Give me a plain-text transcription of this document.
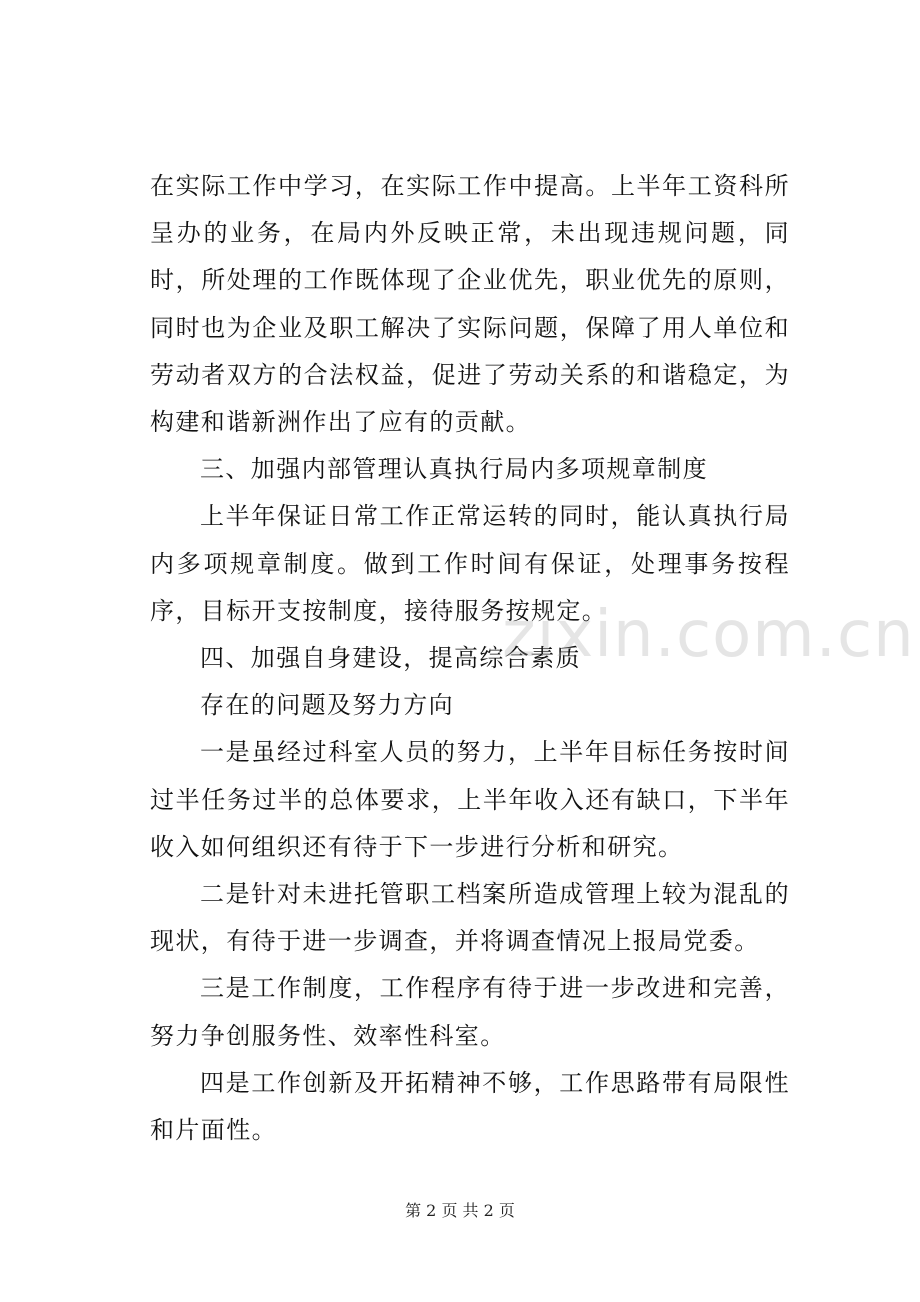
在实际工作中学习，在实际工作中提高。上半年工资科所呈办的业务，在局内外反映正常，未出现违规问题，同时，所处理的工作既体现了企业优先，职业优先的原则，同时也为企业及职工解决了实际问题，保障了用人单位和劳动者双方的合法权益，促进了劳动关系的和谐稳定，为构建和谐新洲作出了应有的贡献。

三、加强内部管理认真执行局内多项规章制度

上半年保证日常工作正常运转的同时，能认真执行局内多项规章制度。做到工作时间有保证，处理事务按程序，目标开支按制度，接待服务按规定。

四、加强自身建设，提高综合素质

存在的问题及努力方向

一是虽经过科室人员的努力，上半年目标任务按时间过半任务过半的总体要求，上半年收入还有缺口，下半年收入如何组织还有待于下一步进行分析和研究。

二是针对未进托管职工档案所造成管理上较为混乱的现状，有待于进一步调查，并将调查情况上报局党委。

三是工作制度，工作程序有待于进一步改进和完善，努力争创服务性、效率性科室。

四是工作创新及开拓精神不够，工作思路带有局限性和片面性。

zixin.com.cn
第 2 页 共 2 页
